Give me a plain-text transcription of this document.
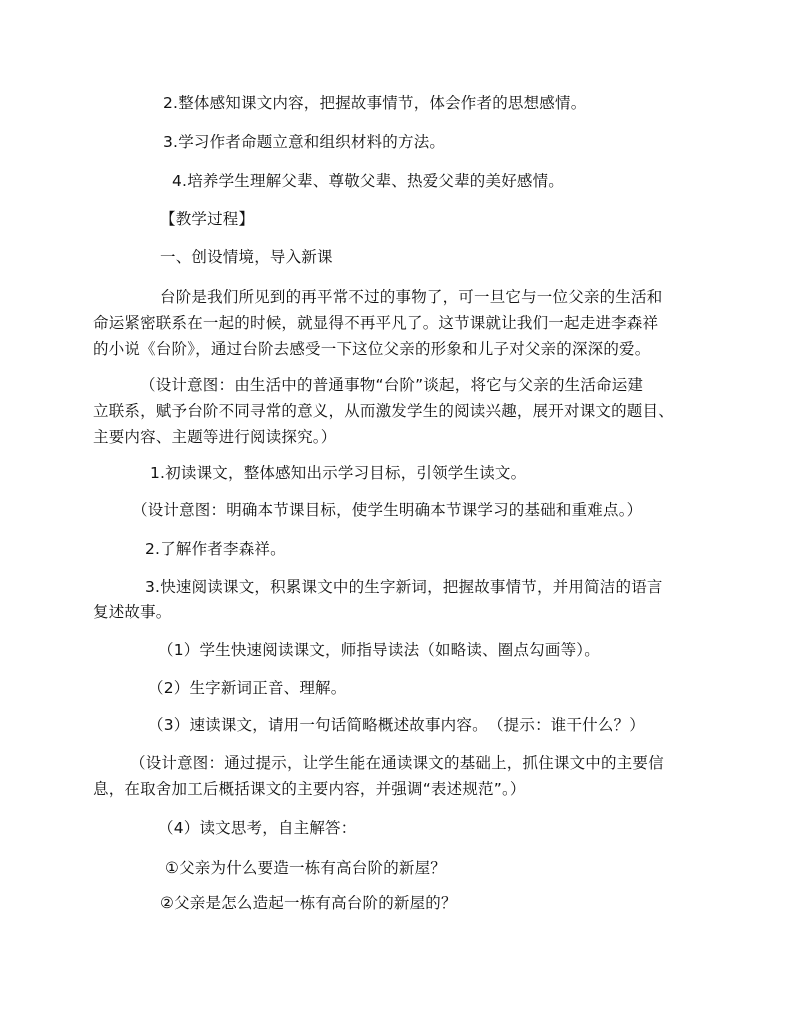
2.整体感知课文内容，把握故事情节，体会作者的思想感情。
3.学习作者命题立意和组织材料的方法。
4.培养学生理解父辈、尊敬父辈、热爱父辈的美好感情。
【教学过程】
一、创设情境，导入新课
台阶是我们所见到的再平常不过的事物了，可一旦它与一位父亲的生活和
命运紧密联系在一起的时候，就显得不再平凡了。这节课就让我们一起走进李森祥
的小说《台阶》，通过台阶去感受一下这位父亲的形象和儿子对父亲的深深的爱。
（设计意图：由生活中的普通事物“台阶”谈起，将它与父亲的生活命运建
立联系，赋予台阶不同寻常的意义，从而激发学生的阅读兴趣，展开对课文的题目、
主要内容、主题等进行阅读探究。）
1.初读课文，整体感知出示学习目标，引领学生读文。
（设计意图：明确本节课目标，使学生明确本节课学习的基础和重难点。）
2.了解作者李森祥。
3.快速阅读课文，积累课文中的生字新词，把握故事情节，并用简洁的语言
复述故事。
（1）学生快速阅读课文，师指导读法（如略读、圈点勾画等）。
（2）生字新词正音、理解。
（3）速读课文，请用一句话简略概述故事内容。　（提示：谁干什么？）
（设计意图：通过提示，让学生能在通读课文的基础上，抓住课文中的主要信
息，在取舍加工后概括课文的主要内容，并强调“表述规范”。）
（4）读文思考，自主解答：
①父亲为什么要造一栋有高台阶的新屋？
②父亲是怎么造起一栋有高台阶的新屋的？
